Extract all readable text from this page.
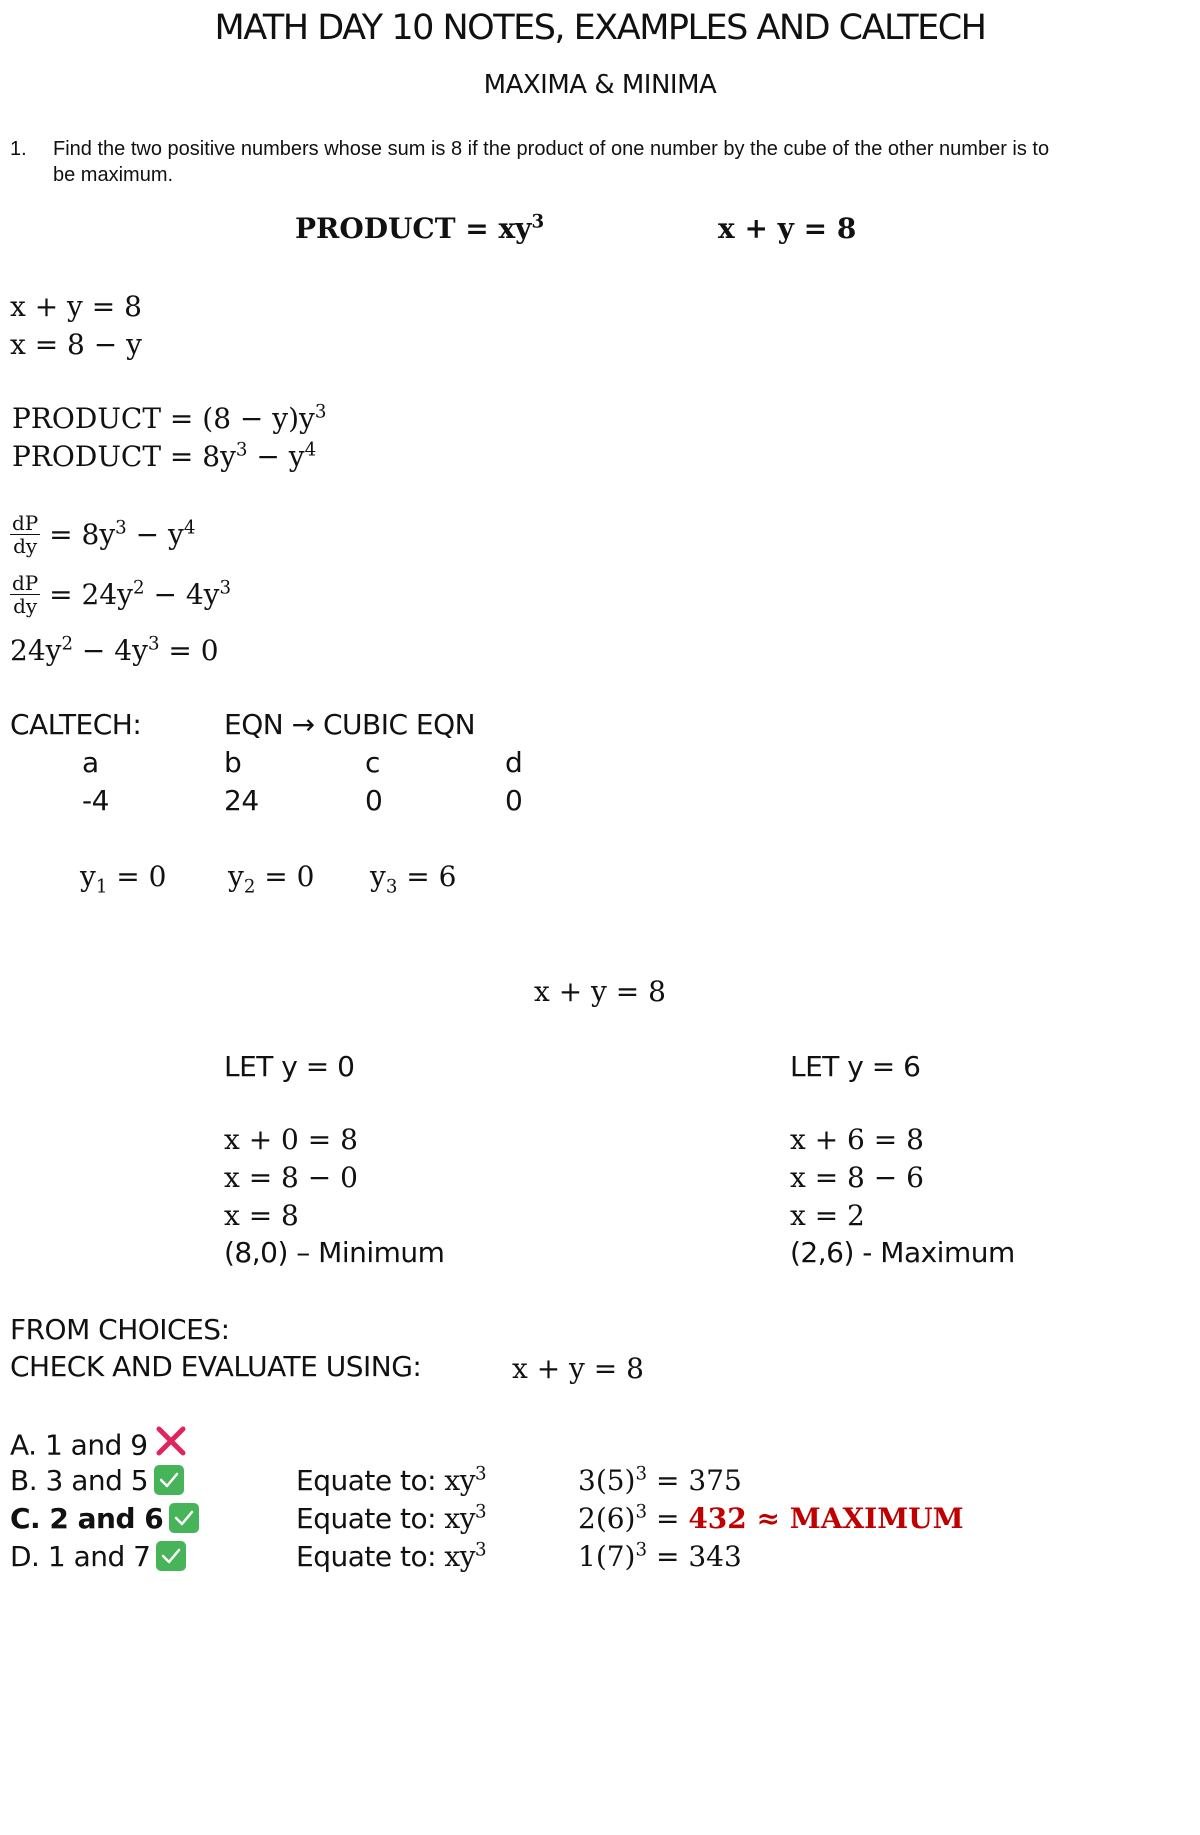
MATH DAY 10 NOTES, EXAMPLES AND CALTECH
MAXIMA & MINIMA
1. Find the two positive numbers whose sum is 8 if the product of one number by the cube of the other number is to
be maximum.
PRODUCT = $xy^3$	x + y = 8
x + y = 8
x = 8 − y
PRODUCT = $(8 - y)y^3$
PRODUCT = $8y^3 - y^4$
$\frac{dP}{dy} = 8y^3 - y^4$
$\frac{dP}{dy} = 24y^2 - 4y^3$
$24y^2 - 4y^3 = 0$
CALTECH:	EQN → CUBIC EQN
a	b	c	d
-4	24	0	0
$y_1 = 0$ $y_2 = 0$ $y_3 = 6$
x + y = 8
LET y = 0
x + 0 = 8
x = 8 − 0
x = 8
(8,0) – Minimum
LET y = 6
x + 6 = 8
x = 8 − 6
x = 2
(2,6) - Maximum
FROM CHOICES:
CHECK AND EVALUATE USING:	x + y = 8
A. 1 and 9
B. 3 and 5	Equate to: $xy^3$	$3(5)^3 = 375$
C. 2 and 6	Equate to: $xy^3$	$2(6)^3 = 432$ ≈ MAXIMUM
D. 1 and 7	Equate to: $xy^3$	$1(7)^3 = 343$
